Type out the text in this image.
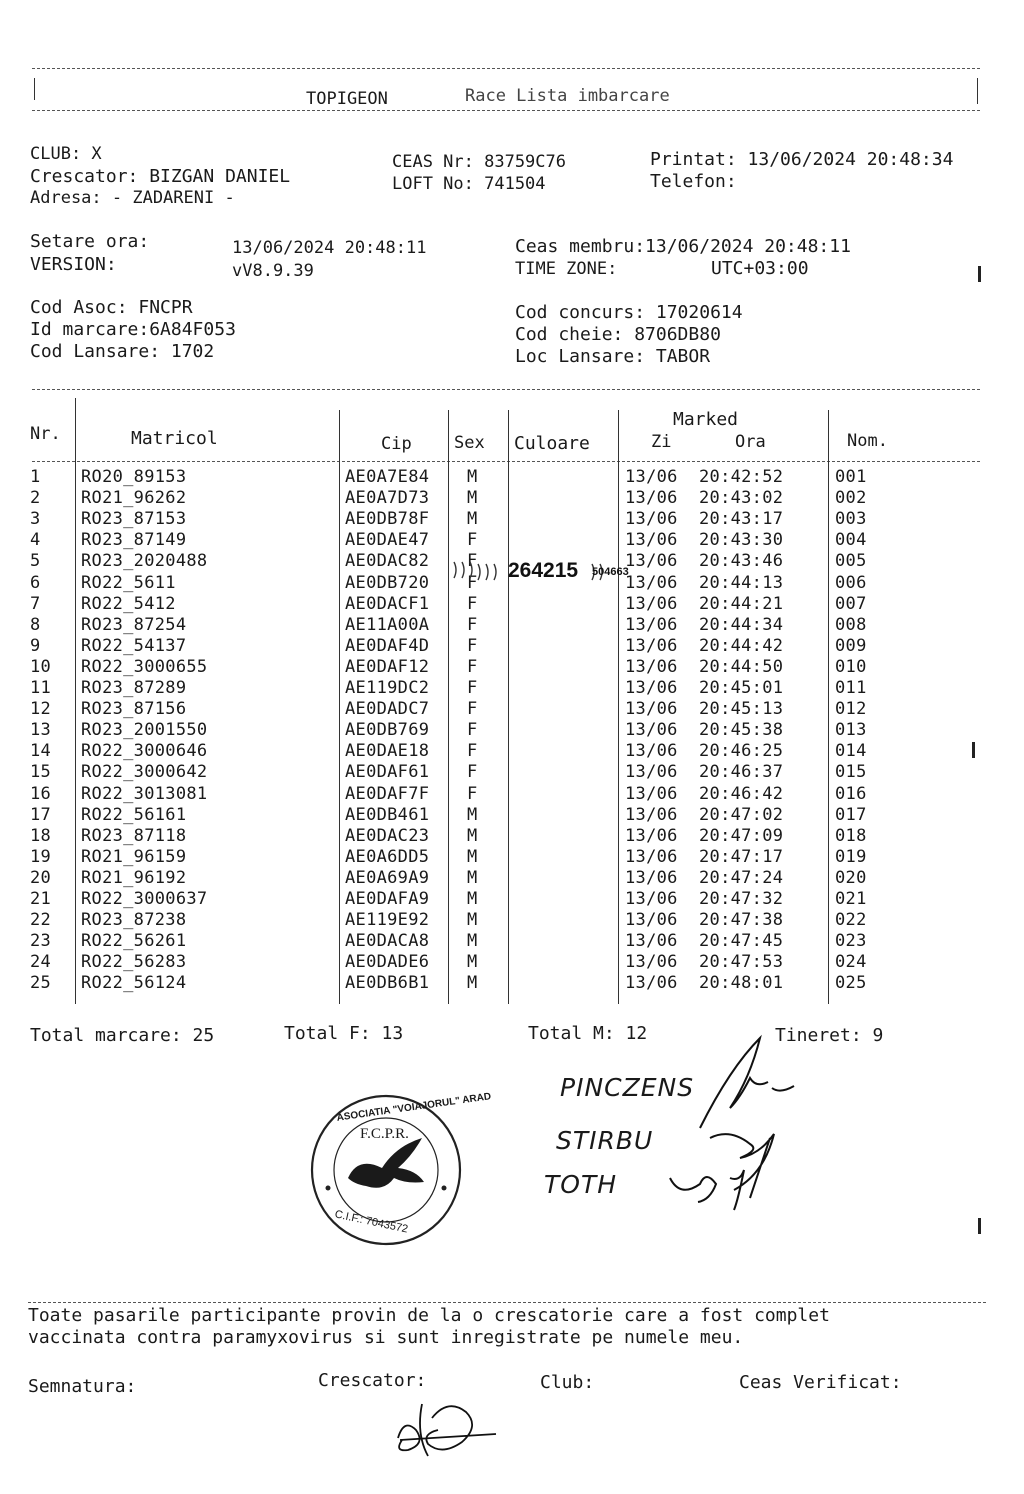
TOPIGEON	Race Lista imbarcare
CLUB: X
Crescator: BIZGAN DANIEL
Adresa: - ZADARENI -
CEAS Nr: 83759C76
LOFT No: 741504
Printat: 13/06/2024 20:48:34
Telefon:
Setare ora:	13/06/2024 20:48:11
VERSION:	vV8.9.39
Ceas membru:13/06/2024 20:48:11
TIME ZONE:	UTC+03:00
Cod Asoc: FNCPR
Id marcare:6A84F053
Cod Lansare: 1702
Cod concurs: 17020614
Cod cheie: 8706DB80
Loc Lansare: TABOR
Nr.	Matricol	Cip Sex Culoare
Marked
Zi	Ora	Nom.
1 RO20_89153	AE0A7E84 M	13/06 20:42:52	001
2 RO21_96262	AE0A7D73 M	13/06 20:43:02	002
3 RO23_87153	AE0DB78F M	13/06 20:43:17	003
4 RO23_87149	AE0DAE47 F	13/06 20:43:30	004
5 RO23_2020488	AE0DAC82 F	13/06 20:43:46	005
6 RO22_5611	AE0DB720 F	13/06 20:44:13	006
7 RO22_5412	AE0DACF1 F	13/06 20:44:21	007
8 RO23_87254	AE11A00A F	13/06 20:44:34	008
9 RO22_54137	AE0DAF4D F	13/06 20:44:42	009
10 RO22_3000655	AE0DAF12 F	13/06 20:44:50	010
11 RO23_87289	AE119DC2 F	13/06 20:45:01	011
12 RO23_87156	AE0DADC7 F	13/06 20:45:13	012
13 RO23_2001550	AE0DB769 F	13/06 20:45:38	013
14 RO22_3000646	AE0DAE18 F	13/06 20:46:25	014
15 RO22_3000642	AE0DAF61 F	13/06 20:46:37	015
16 RO22_3013081	AE0DAF7F F	13/06 20:46:42	016
17 RO22_56161	AE0DB461 M	13/06 20:47:02	017
18 RO23_87118	AE0DAC23 M	13/06 20:47:09	018
19 RO21_96159	AE0A6DD5 M	13/06 20:47:17	019
20 RO21_96192	AE0A69A9 M	13/06 20:47:24	020
21 RO22_3000637	AE0DAFA9 M	13/06 20:47:32	021
22 RO23_87238	AE119E92 M	13/06 20:47:38	022
23 RO22_56261	AE0DACA8 M	13/06 20:47:45	023
24 RO22_56283	AE0DADE6 M	13/06 20:47:53	024
25 RO22_56124	AE0DB6B1 M	13/06 20:48:01	025
264215 504663
Total marcare: 25	Total F: 13	Total M: 12	Tineret: 9
ASOCIATIA "VOIAJORUL" ARAD
F.C.P.R.
C.I.F.: 7043572
PINCZENS
STIRBU
TOTH
Toate pasarile participante provin de la o crescatorie care a fost complet
vaccinata contra paramyxovirus si sunt inregistrate pe numele meu.
Semnatura:	Crescator:	Club:	Ceas Verificat:
